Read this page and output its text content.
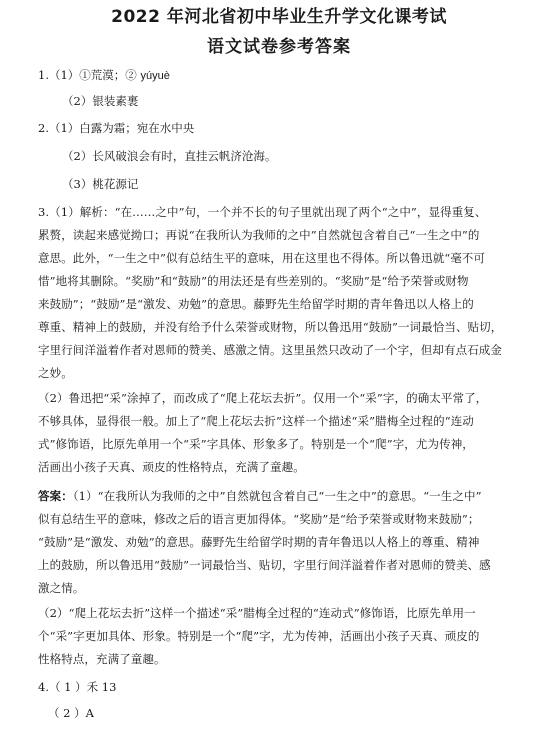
2022 年河北省初中毕业生升学文化课考试
语文试卷参考答案

1.（1）①荒漠；② yúyuè

（2）银装素裹

2.（1）白露为霜；宛在水中央

（2）长风破浪会有时，直挂云帆济沧海。

（3）桃花源记

3.（1）解析：“在……之中”句，一个并不长的句子里就出现了两个“之中”，显得重复、
累赘，读起来感觉拗口；再说“在我所认为我师的之中”自然就包含着自己“一生之中”的
意思。此外，“一生之中”似有总结生平的意味，用在这里也不得体。所以鲁迅就“毫不可
惜”地将其删除。“奖励”和“鼓励”的用法还是有些差别的。“奖励”是“给予荣誉或财物
来鼓励”；“鼓励”是“激发、劝勉”的意思。藤野先生给留学时期的青年鲁迅以人格上的
尊重、精神上的鼓励，并没有给予什么荣誉或财物，所以鲁迅用“鼓励”一词最恰当、贴切，
字里行间洋溢着作者对恩师的赞美、感激之情。这里虽然只改动了一个字，但却有点石成金
之妙。
（2）鲁迅把“采”涂掉了，而改成了“爬上花坛去折”。仅用一个“采”字，的确太平常了，
不够具体，显得很一般。加上了“爬上花坛去折”这样一个描述“采”腊梅全过程的“连动
式”修饰语，比原先单用一个“采”字具体、形象多了。特别是一个“爬”字，尤为传神，
活画出小孩子天真、顽皮的性格特点，充满了童趣。
答案：（1）“在我所认为我师的之中”自然就包含着自己“一生之中”的意思。“一生之中”
似有总结生平的意味，修改之后的语言更加得体。“奖励”是“给予荣誉或财物来鼓励”；
“鼓励”是“激发、劝勉”的意思。藤野先生给留学时期的青年鲁迅以人格上的尊重、精神
上的鼓励，所以鲁迅用“鼓励”一词最恰当、贴切，字里行间洋溢着作者对恩师的赞美、感
激之情。
（2）“爬上花坛去折”这样一个描述“采”腊梅全过程的“连动式”修饰语，比原先单用一
个“采”字更加具体、形象。特别是一个“爬”字，尤为传神，活画出小孩子天真、顽皮的
性格特点，充满了童趣。

4.（ 1 ）禾 13

（ 2 ）A
